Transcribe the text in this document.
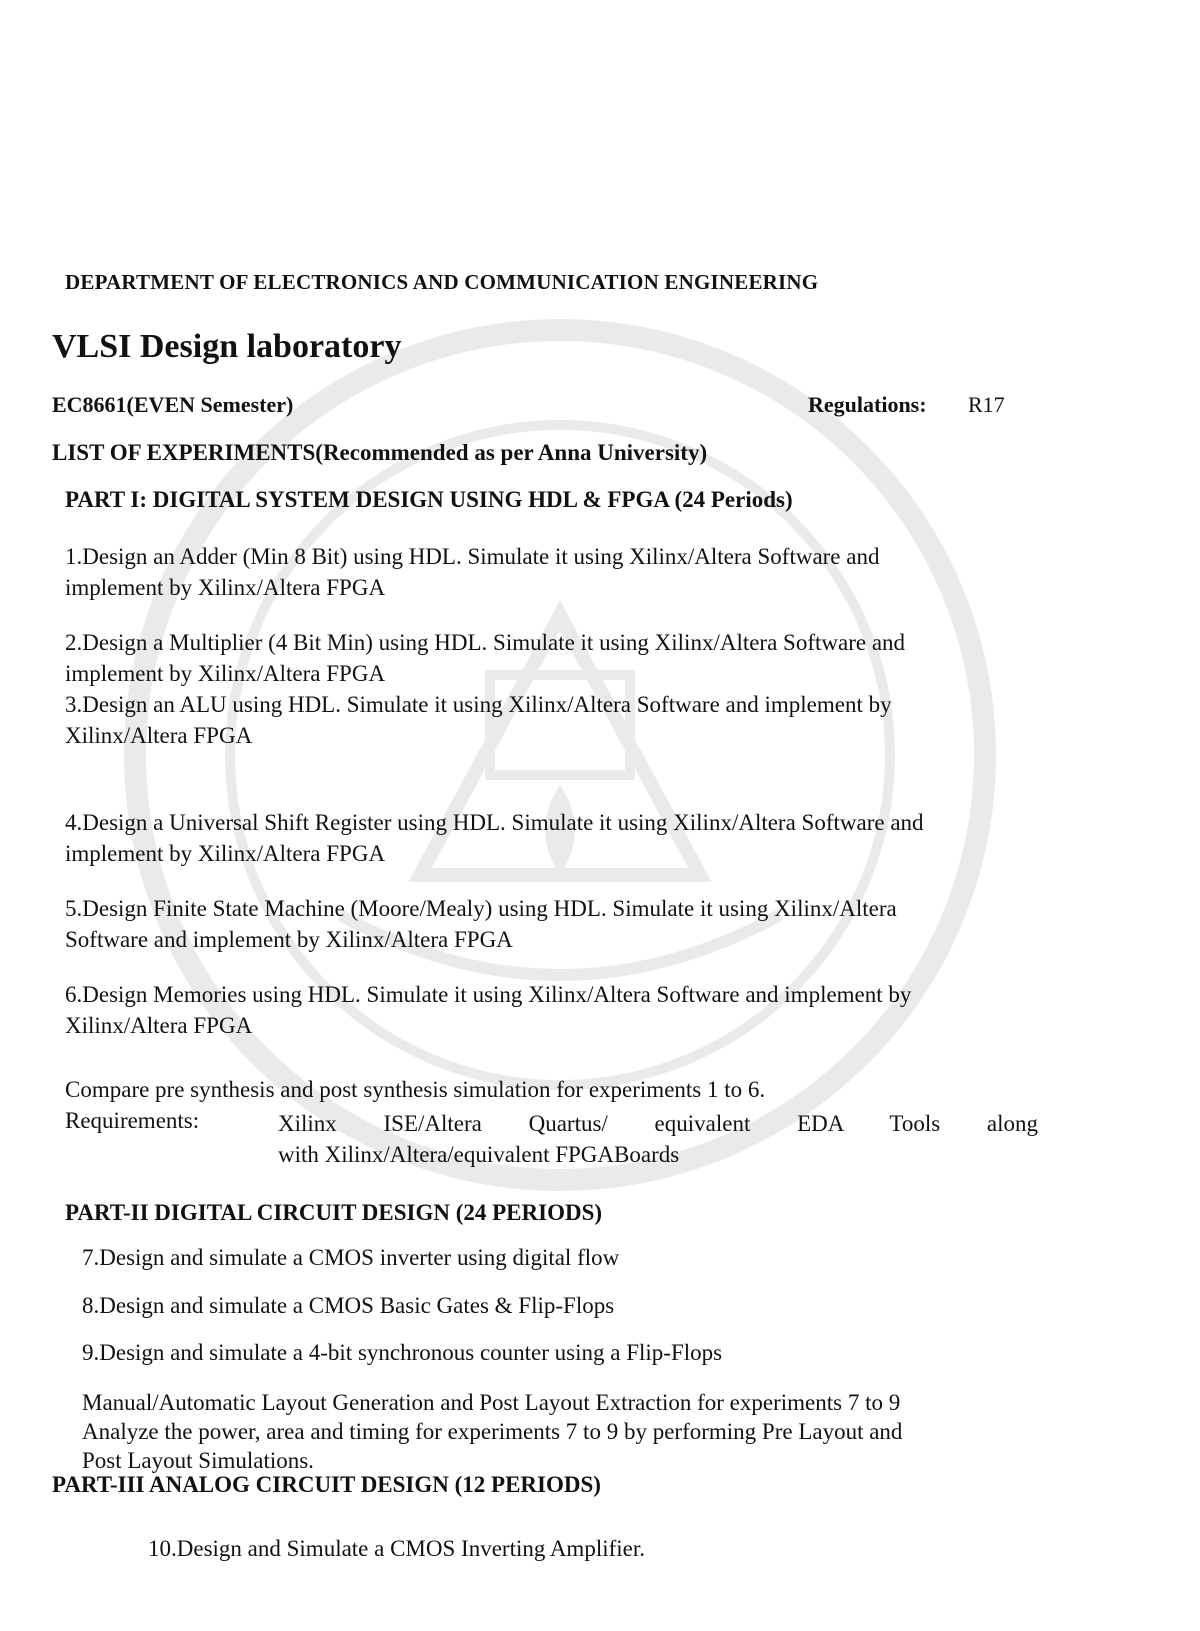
DEPARTMENT OF ELECTRONICS AND COMMUNICATION ENGINEERING
VLSI Design laboratory
EC8661(EVEN Semester)	Regulations: R17
LIST OF EXPERIMENTS(Recommended as per Anna University)
PART I: DIGITAL SYSTEM DESIGN USING HDL & FPGA (24 Periods)
1.Design an Adder (Min 8 Bit) using HDL. Simulate it using Xilinx/Altera Software and
implement by Xilinx/Altera FPGA
2.Design a Multiplier (4 Bit Min) using HDL. Simulate it using Xilinx/Altera Software and
implement by Xilinx/Altera FPGA
3.Design an ALU using HDL. Simulate it using Xilinx/Altera Software and implement by
Xilinx/Altera FPGA
4.Design a Universal Shift Register using HDL. Simulate it using Xilinx/Altera Software and
implement by Xilinx/Altera FPGA
5.Design Finite State Machine (Moore/Mealy) using HDL. Simulate it using Xilinx/Altera
Software and implement by Xilinx/Altera FPGA
6.Design Memories using HDL. Simulate it using Xilinx/Altera Software and implement by
Xilinx/Altera FPGA
Compare pre synthesis and post synthesis simulation for experiments 1 to 6.
Requirements:	Xilinx ISE/Altera Quartus/ equivalent EDA Tools along
with Xilinx/Altera/equivalent FPGABoards
PART-II DIGITAL CIRCUIT DESIGN (24 PERIODS)
7.Design and simulate a CMOS inverter using digital flow
8.Design and simulate a CMOS Basic Gates & Flip-Flops
9.Design and simulate a 4-bit synchronous counter using a Flip-Flops
Manual/Automatic Layout Generation and Post Layout Extraction for experiments 7 to 9
Analyze the power, area and timing for experiments 7 to 9 by performing Pre Layout and
Post Layout Simulations.
PART-III ANALOG CIRCUIT DESIGN (12 PERIODS)
10.Design and Simulate a CMOS Inverting Amplifier.
